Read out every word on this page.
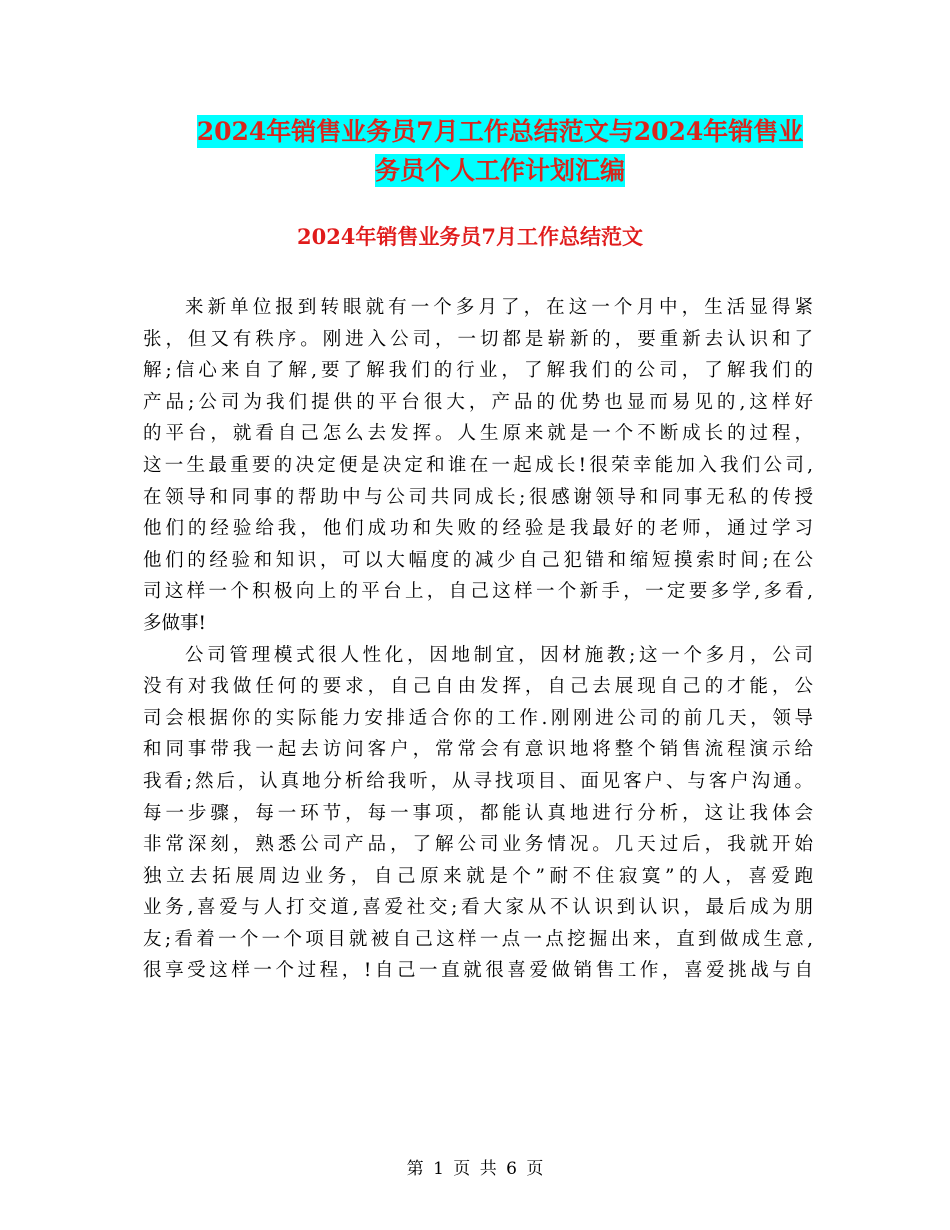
2024年销售业务员7月工作总结范文与2024年销售业
务员个人工作计划汇编
2024年销售业务员7月工作总结范文
来新单位报到转眼就有一个多月了，在这一个月中，生活显得紧
张，但又有秩序。刚进入公司，一切都是崭新的，要重新去认识和了
解;信心来自了解,要了解我们的行业，了解我们的公司，了解我们的
产品;公司为我们提供的平台很大，产品的优势也显而易见的,这样好
的平台，就看自己怎么去发挥。人生原来就是一个不断成长的过程，
这一生最重要的决定便是决定和谁在一起成长!很荣幸能加入我们公司,
在领导和同事的帮助中与公司共同成长;很感谢领导和同事无私的传授
他们的经验给我，他们成功和失败的经验是我最好的老师，通过学习
他们的经验和知识，可以大幅度的减少自己犯错和缩短摸索时间;在公
司这样一个积极向上的平台上，自己这样一个新手，一定要多学,多看,
多做事!
公司管理模式很人性化，因地制宜，因材施教;这一个多月，公司
没有对我做任何的要求，自己自由发挥，自己去展现自己的才能，公
司会根据你的实际能力安排适合你的工作.刚刚进公司的前几天，领导
和同事带我一起去访问客户，常常会有意识地将整个销售流程演示给
我看;然后，认真地分析给我听，从寻找项目、面见客户、与客户沟通。
每一步骤，每一环节，每一事项，都能认真地进行分析，这让我体会
非常深刻，熟悉公司产品，了解公司业务情况。几天过后，我就开始
独立去拓展周边业务，自己原来就是个”耐不住寂寞”的人，喜爱跑
业务,喜爱与人打交道,喜爱社交;看大家从不认识到认识，最后成为朋
友;看着一个一个项目就被自己这样一点一点挖掘出来，直到做成生意,
很享受这样一个过程，!自己一直就很喜爱做销售工作，喜爱挑战与自
第 1 页 共 6 页
